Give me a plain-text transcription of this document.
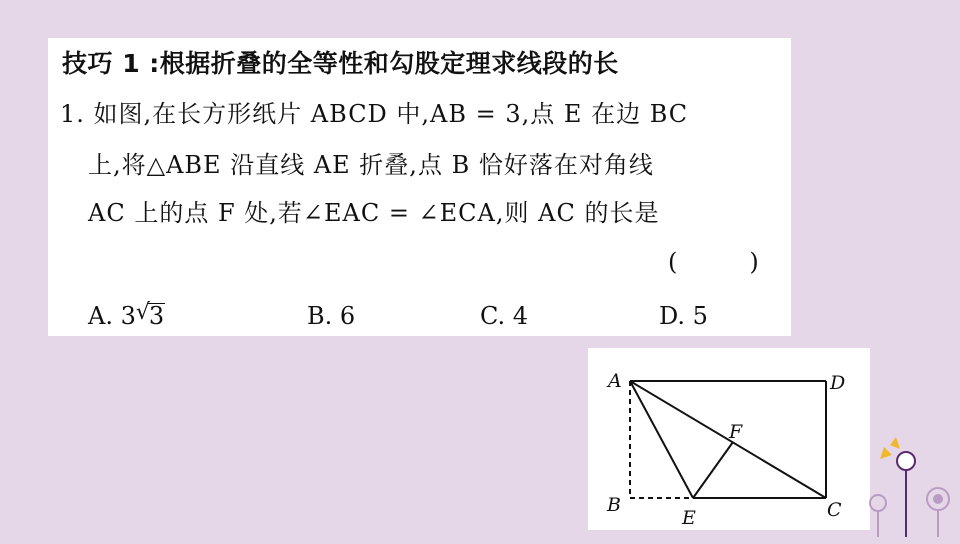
技巧 1 :根据折叠的全等性和勾股定理求线段的长
1. 如图,在长方形纸片 ABCD 中,AB = 3,点 E 在边 BC
上,将△ABE 沿直线 AE 折叠,点 B 恰好落在对角线
AC 上的点 F 处,若∠EAC = ∠ECA,则 AC 的长是
(　　　)
A. 3 √
3	B. 6	C. 4	D. 5
A	D
F
B
E	C
